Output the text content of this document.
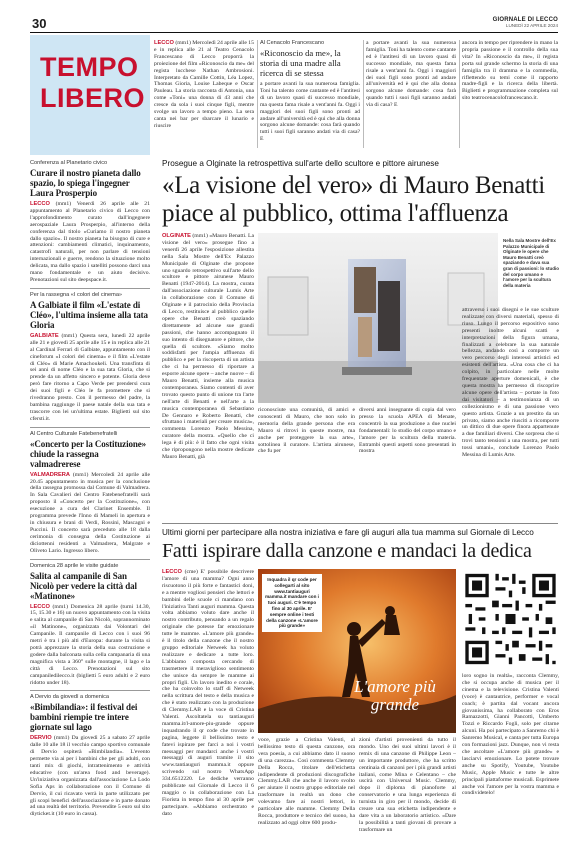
30	GIORNALE DI LECCO
LUNEDÌ 22 APRILE 2024
TEMPO
LIBERO
Conferenza al Planetario civico
Curare il nostro pianeta dallo spazio, lo spiega l'ingegner Laura Prosperpio

LECCO (mm1) Venerdì 26 aprile alle 21 appuntamento al Planetario civico di Lecco con l'approfondimento curato dall'ingegnere aerospaziale Laura Prosperpio, all'interno della conferenza dal titolo «Curiamo il nostro pianeta dallo spazio». Il nostro pianeta ha bisogno di cure e attenzioni: cambiamenti climatici, inquinamento, catastrofi naturali, per non parlare di tensioni internazionali e guerre, rendono la situazione molto delicata, ma dallo spazio i satelliti possono darci una mano fondamentale e un aiuto decisivo. Prenotazioni sul sito deepspace.it.

Per la rassegna «I colori del cinema»
A Galbiate il film «L'estate di Cléo», l'ultima insieme alla tata Gloria

GALBIATE (mm1) Questa sera, lunedì 22 aprile alle 21 e giovedì 25 aprile alle 15 e in replica alle 21 al Cardinal Ferrari di Galbiate, appuntamento con il cineforum «I colori del cinema» e il film «L'estate di Cléo» di Marie Amachoukeli. Una transfinta di sei anni di nome Cléo e la sua tata Gloria, che si prende da un affetto sincero e potente. Gloria deve però fare ritorno a Capo Verde per prendersi cura dei suoi figli e Cléo le fa promettere che si rivedranno presto. Con il permesso del padre, la bambina raggiunge il paese natale della sua tata e trascorre con lei un'ultima estate. Biglietti sul sito cfersti.it.

Al Centro Culturale Fatebenefratelli
«Concerto per la Costituzione» chiude la rassegna valmadrerese

VALMADRERA (mm1) Mercoledì 24 aprile alle 20.45 appuntamento in musica per la conclusione della rassegna promossa dal Comune di Valmadrera. In Sala Cavalieri del Centro Fatebenefratelli sarà proposto il «Concerto per la Costituzione», con esecuzione a cura del Clarinet Ensemble. Il programma prevede l'Inno di Mameli in apertura e in chiusura e brani di Verdi, Rossini, Mascagni e Puccini. Il concerto sarà preceduto alle 18 dalla cerimonia di consegna della Costituzione ai diciottenni residenti a Valmadrera, Malgrate e Oliveto Lario. Ingresso libero.

Domenica 28 aprile le visite guidate
Salita al campanile di San Nicolò per vedere la città dal «Matinone»

LECCO (mm1) Domenica 28 aprile (turni 14.30, 15, 15.30 e 16) un nuovo appuntamento con la visita e salita al campanile di San Nicolò, soprannominato «il Matinone», organizzata dai Volontari del Campanile. Il campanile di Lecco con i suoi 96 metri è tra i più alti d'Europa: durante la visita si potrà apprezzare la storia della sua costruzione e godere dalla balconata sulla cella campanaria di una magnifica vista a 360° sulle montagne, il lago e la città di Lecco. Prenotazioni sul sito campaniledilecco.it (biglietti 5 euro adulti e 2 euro ridotto under 18).

A Dervio da giovedì a domenica
«Bimbilandia»: il festival dei bambini riempie tre intere giornate sul lago

DERVIO (mm1) Da giovedì 25 a sabato 27 aprile dalle 10 alle 18 il vecchio campo sportivo comunale di Dervio ospiterà «Bimbilandia». L'evento permette via ai per i bambini che per gli adulti, con tanti mix di giochi, intrattenimento e attività educative (con un'area food and beverage). Un'iniziativa organizzata dall'associazione La Lodo Sofia Aps in collaborazione con il Comune di Dervio, il cui ricavato verrà in parte utilizzato per gli scopi benefici dell'associazione e in parte donato ad una realtà del territorio. Prevendite 5 euro sul sito diyticket.it (10 euro in cassa).

LECCO (mm1) Mercoledì 24 aprile alle 15 e in replica alle 21 al Teatro Cenacolo Francescano di Lecco proporrà la proiezione del film «Riconoscio da me» del regista lucchese Nathan Ambrosioni. Interpretato da Camille Cottin, Léa Lopez, Thomas Gioria, Louise Labeque e Oscar Pauleau. La storia racconta di Antonia, una come «Toni» una donna di 43 anni che cresce da sola i suoi cinque figli, mentre svolge un lavoro a tempo pieno. La sera canta nei bar per sbarcare il lunario e riuscire

Al Cenacolo Francescano
«Riconoscio da me», la storia di una madre alla ricerca di se stessa

a portare avanti la sua numerosa famiglia. Toni ha talento come cantante ed è l'antitesi di un lavoro quasi di successo mondiale, ma questa fama risale a vent'anni fa. Oggi i maggiori dei suoi figli sono pronti ad andare all'università ed è qui che alla donna sorgono alcune domande: cosa farà quando tutti i suoi figli saranno andati via di casa? E

a portare avanti la sua numerosa famiglia. Toni ha talento come cantante ed è l'antitesi di un lavoro quasi di successo mondiale, ma questa fama risale a vent'anni fa. Oggi i maggiori dei suoi figli sono pronti ad andare all'università ed è qui che alla donna sorgono alcune domande: cosa farà quando tutti i suoi figli saranno andati via di casa? E

ancora in tempo per riprendere in mano la propria passione e il controllo della sua vita? In «Riconoscio da me», il regista porta sul grande schermo la storia di una famiglia tra il dramma e la commedia, riflettendo su temi come il rapporto madre-figli e la ricerca della libertà. Biglietti e programmazione completa sul sito teatrocenacolofrancescano.it.

Prosegue a Olginate la retrospettiva sull'arte dello scultore e pittore airunese
«La visione del vero» di Mauro Benatti piace al pubblico, ottima l'affluenza

OLGINATE (mm1) «Mauro Benatti. La visione del vero» prosegue fino a venerdì 26 aprile l'esposizione allestita nella Sala Mostre dell'Ex Palazzo Municipale di Olginate che propone uno sguardo retrospettivo sull'arte dello scultore e pittore airunese Mauro Benatti (1947-2014). La mostra, curata dall'associazione culturale Lumis Arte in collaborazione con il Comune di Olginate e il patrocinio della Provincia di Lecco, restituisce al pubblico quelle opere che Benatti creò spaziando direttamente ad alcune sue grandi passioni, che hanno accompagnato il suo intento di disegnatore e pittore, che quella di scultore. «Siamo molto soddisfatti per l'ampia affluenza di pubblico e per la riscoperta di un artista che ci ha permesso di riportare a esporre alcune opere – anche nuove – di Mauro Benatti, insieme alla musica contemporanea. Siamo contenti di aver trovato questo punto di unione tra l'arte nell'arte di Benatti e nell'arte a la musica contemporanea di Sebastiano De Gennaro e Roberto Benatti, che sfruttano i materiali per creare musica», commenta Lorenzo Paolo Messina, curatore della mostra. «Quello che ci lega è di più: è il fatto che ogni visita che ripropongono nella mostre dedicate Mauro Benatti, già

Nella Sala Mostre dell'Ex Palazzo Municipale di Olginate le opere che Mauro Benatti creò spaziando e dava sua gran di passioni: lo studio del corpo umano e l'amore per la scultura della materia

riconosciute una comunità, di amici e conoscenti di Mauro, che non solo in memoria della grande persona che era Mauro si ritrovi in queste mostre, ma anche per proteggere la sua arte», sottolinea il curatore. L'artista airunese, che fu per

diversi anni insegnante di copia dal vero presso la scuola APEA di Menate, concentrò la sua produzione a due nuclei fondamentali: lo studio del corpo umano e l'amore per la scultura della materia. Entrambi questi aspetti sono presentati in mostra

attraverso i suoi disegni e le sue sculture realizzate con diversi materiali, spesso di riuso. Lungo il percorso espositivo sono presenti inoltre alcuni scatti e interpretazioni della figura umana, finalizzati a celebrare la sua naturale bellezza, andando così a comporre un vero percorso degli interessi artistici ed esistenti dell'artista. «Una cosa che ci ha colpito, in particolare nelle molte frequentate aperture domenicali, è che questa mostra ha permesso di riscoprire alcune opere dell'artista – portate in foto dai visitatori – a testimonianza di un collezionismo e di una passione vero questo artista. Grazie a un prestito da un privato, siamo anche riusciti a ricomporre un dittico di due opere finora appartenute a due familiari diversi. Che sorpresa che si trovi tanto tensioni a una mostra, per tutti tossi umani», conclude Lorenzo Paolo Messina di Lumis Arte.

Ultimi giorni per partecipare alla nostra iniziativa e fare gli auguri alla tua mamma sul Giornale di Lecco
Fatti ispirare dalla canzone e mandaci la dedica

LECCO (cme) E' possibile descrivere l'amore di una mamma? Ogni anno riscuotono il più forte e fantastici doni, e a mentre vogliosi pensieri che lettori e bambini delle scuole ci mandano con l'iniziativa Tanti auguri mamma. Questa volta abbiamo voluto dare anche il nostro contributo, pensando a un regalo originale che potesse far emozionare tutte le mamme. «L'amore più grande» è il titolo della canzone che il nostro gruppo editoriale Netweek ha voluto realizzare e dedicare a tutte loro. L'abbiamo composta cercando di trasmettere il meraviglioso sentimento che unisce da sempre le mamme ai propri figli. Un lavoro inedito e corale, che ha coinvolto lo staff di Netweek nella scrittura del testo e della musica e che è stato realizzato con la produzione di Clemmy.LAB e la voce di Cristina Valenti. Ascoltatela su tantiauguri mamma.it/l-amore-piu-grande oppure inquadrando il qr code che trovate in pagina, leggete il bellissimo testo e fatevi ispirare per farci a noi i vostri messaggi per mandarci anche i vostri messaggi di auguri tramite il sito www.tantiauguri mamma.it oppure scrivendo sul nostro WhatsApp 334.6512220. Le dediche verranno pubblicate sul Giornale di Lecco il 6 maggio o in collaborazione con La Fiorista in tempo fino al 30 aprile per partecipare. «Abbiamo orchestrato e dato

Inquadra il qr code per collegarti al sito www.tantiauguri mamma.it mandare con i tuoi auguri. C'è tempo fino al 30 aprile. E' sempre online i testi della canzone «L'amore più grande»
L'amore più grande

voce, grazie a Cristina Valenti, al bellissimo testo di questa canzone, ora vera poesia, a cui abbiamo dato il suono di una carezza». Così commenta Clemmy Della Rocca, titolare dell'etichetta indipendente di produzioni discografiche Clemmy.LAB che anche il lavoro svolto per aiutare il nostro gruppo editoriale nel trasformare in realtà un dono che volevamo fare ai nostri lettori, in particolare alle mamme. Clemmy Della Rocca, produttore e tecnico del suono, ha realizzato ad oggi oltre 600 produ-

zioni d'artisti provenienti da tutto il mondo. Uno dei suoi ultimi lavori è il remix di una canzone di Philippe Leon – un importante produttore, che ha scritto centinaia di canzoni per i più grandi artisti italiani, come Mina e Celentano – che uscirà con Universal Music. Clemmy, dopo il diploma di pianoforte al conservatorio e una lunga esperienza di turnista in giro per il mondo, decide di creare una sua etichetta indipendente e dare vita a un laboratorio artistico. «Dare la possibilità a tanti giovani di provare a trasformare un

loro sogno in realtà», racconta Clemmy, che si occupa anche di musica per il cinema e la televisione. Cristina Valenti (voce) è cantautrice, performer e vocal coach; è partita dal vocant ancora giovanissima, ha collaborato con Eros Ramazzotti, Gianni Pancotti, Umberto Tozzi e Riccardo Fogli, solo per citarne alcuni. Ha poi partecipato a Sanremo chi è Sanremo Musical, e canta per tutta Europa con formazioni jazz. Dunque, non vi resta che ascoltare «L'amore più grande» e lasciarvi emozionare. Lo potete trovare anche su Spotify, Youtube, Youtube Music, Apple Music e tutte le altre principali piattaforme musicali. Esprimete anche voi l'amore per la vostra mamma e condividetelo!
